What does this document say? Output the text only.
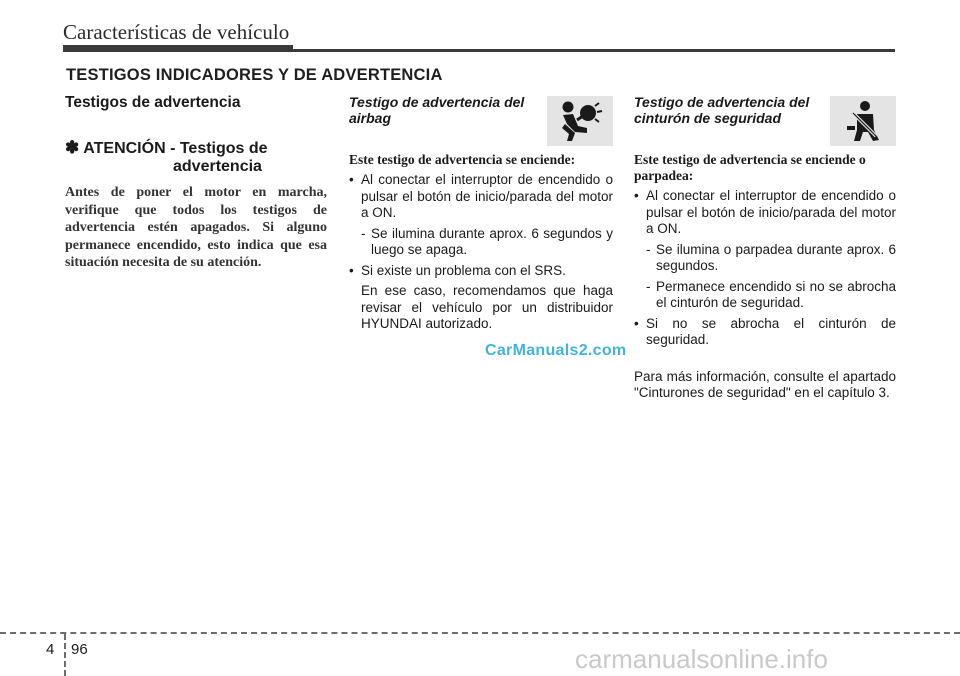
Características de vehículo
TESTIGOS INDICADORES Y DE ADVERTENCIA
Testigos de advertencia
✽ ATENCIÓN - Testigos de
advertencia
Antes de poner el motor en marcha, verifique que todos los testigos de advertencia estén apagados. Si alguno permanece encendido, esto indica que esa situación necesita de su atención.
Testigo de advertencia del airbag
Este testigo de advertencia se enciende:
• Al conectar el interruptor de encendido o pulsar el botón de inicio/parada del motor a ON.
- Se ilumina durante aprox. 6 segundos y luego se apaga.
• Si existe un problema con el SRS.
En ese caso, recomendamos que haga revisar el vehículo por un distribuidor HYUNDAI autorizado.
Testigo de advertencia del cinturón de seguridad
Este testigo de advertencia se enciende o parpadea:
• Al conectar el interruptor de encendido o pulsar el botón de inicio/parada del motor a ON.
- Se ilumina o parpadea durante aprox. 6 segundos.
- Permanece encendido si no se abrocha el cinturón de seguridad.
• Si no se abrocha el cinturón de seguridad.
Para más información, consulte el apartado "Cinturones de seguridad" en el capítulo 3.
CarManuals2.com
4 96	carmanualsonline.info
